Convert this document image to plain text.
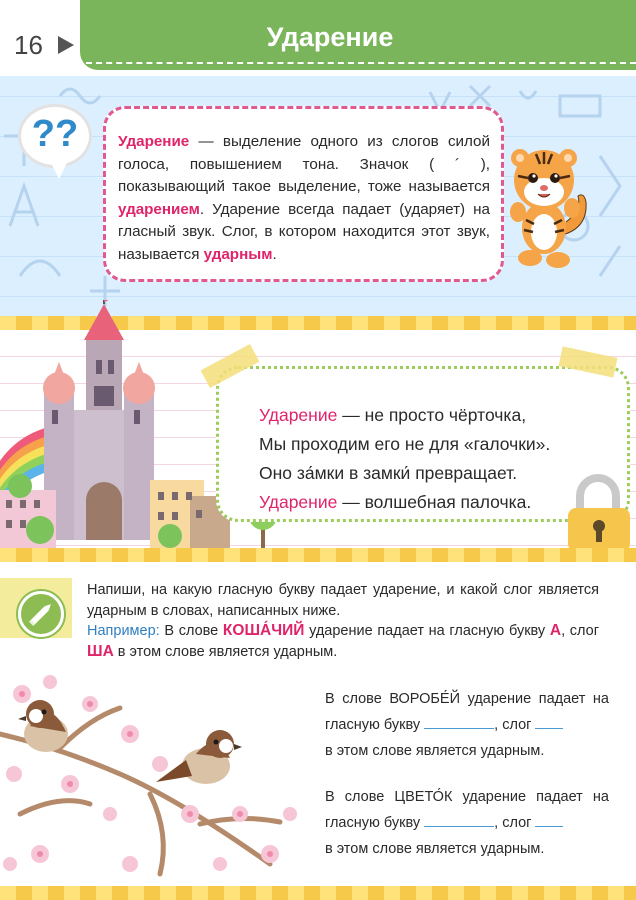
16	Ударение
??	Ударение — выделение одного из слогов силой голоса, повышением тона. Значок ( ´ ), показывающий такое выделение, тоже называется ударением. Ударение всегда падает (ударяет) на гласный звук. Слог, в котором находится этот звук, называется ударным.
Ударение — не просто чёрточка,
Мы проходим его не для «галочки».
Оно за́мки в замки́ превращает.
Ударение — волшебная палочка.
Напиши, на какую гласную букву падает ударение, и какой слог является ударным в словах, написанных ниже.
Например: В слове КОША́ЧИЙ ударение падает на гласную букву А, слог ША в этом слове является ударным.
В слове ВОРОБЕ́Й ударение падает на гласную букву	, слог
в этом слове является ударным.
В слове ЦВЕТО́К ударение падает на гласную букву	, слог
в этом слове является ударным.
